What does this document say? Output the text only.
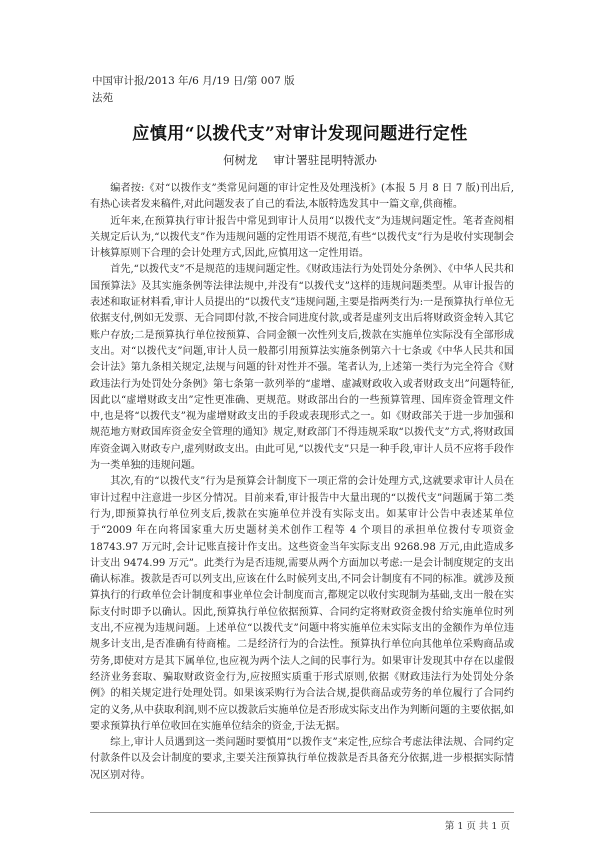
中国审计报/2013 年/6 月/19 日/第 007 版
法苑
应慎用“以拨代支”对审计发现问题进行定性
何树龙 审计署驻昆明特派办

编者按:《对“以拨作支”类常见问题的审计定性及处理浅析》(本报 5 月 8 日 7 版)刊出后,有热心读者发来稿件,对此问题发表了自己的看法,本版特选发其中一篇文章,供商榷。

近年来,在预算执行审计报告中常见到审计人员用“以拨代支”为违规问题定性。笔者查阅相关规定后认为,“以拨代支”作为违规问题的定性用语不规范,有些“以拨代支”行为是收付实现制会计核算原则下合理的会计处理方式,因此,应慎用这一定性用语。

首先,“以拨代支”不是规范的违规问题定性。《财政违法行为处罚处分条例》、《中华人民共和国预算法》及其实施条例等法律法规中,并没有“以拨代支”这样的违规问题类型。从审计报告的表述和取证材料看,审计人员提出的“以拨代支”违规问题,主要是指两类行为:一是预算执行单位无依据支付,例如无发票、无合同即付款,不按合同进度付款,或者是虚列支出后将财政资金转入其它账户存放;二是预算执行单位按预算、合同金额一次性列支后,拨款在实施单位实际没有全部形成支出。对“以拨代支”问题,审计人员一般都引用预算法实施条例第六十七条或《中华人民共和国会计法》第九条相关规定,法规与问题的针对性并不强。笔者认为,上述第一类行为完全符合《财政违法行为处罚处分条例》第七条第一款列举的“虚增、虚减财政收入或者财政支出”问题特征,因此以“虚增财政支出”定性更准确、更规范。财政部出台的一些预算管理、国库资金管理文件中,也是将“以拨代支”视为虚增财政支出的手段或表现形式之一。如《财政部关于进一步加强和规范地方财政国库资金安全管理的通知》规定,财政部门不得违规采取“以拨代支”方式,将财政国库资金调入财政专户,虚列财政支出。由此可见,“以拨代支”只是一种手段,审计人员不应将手段作为一类单独的违规问题。

其次,有的“以拨代支”行为是预算会计制度下一项正常的会计处理方式,这就要求审计人员在审计过程中注意进一步区分情况。目前来看,审计报告中大量出现的“以拨代支”问题属于第二类行为,即预算执行单位列支后,拨款在实施单位并没有实际支出。如某审计公告中表述某单位于“2009 年在向将国家重大历史题材美术创作工程等 4 个项目的承担单位拨付专项资金 18743.97 万元时,会计记账直接计作支出。这些资金当年实际支出 9268.98 万元,由此造成多计支出 9474.99 万元”。此类行为是否违规,需要从两个方面加以考虑:一是会计制度规定的支出确认标准。拨款是否可以列支出,应该在什么时候列支出,不同会计制度有不同的标准。就涉及预算执行的行政单位会计制度和事业单位会计制度而言,都规定以收付实现制为基础,支出一般在实际支付时即予以确认。因此,预算执行单位依据预算、合同约定将财政资金拨付给实施单位时列支出,不应视为违规问题。上述单位“以拨代支”问题中将实施单位未实际支出的金额作为单位违规多计支出,是否准确有待商榷。二是经济行为的合法性。预算执行单位向其他单位采购商品或劳务,即使对方是其下属单位,也应视为两个法人之间的民事行为。如果审计发现其中存在以虚假经济业务套取、骗取财政资金行为,应按照实质重于形式原则,依据《财政违法行为处罚处分条例》的相关规定进行处理处罚。如果该采购行为合法合规,提供商品或劳务的单位履行了合同约定的义务,从中获取利润,则不应以拨款后实施单位是否形成实际支出作为判断问题的主要依据,如要求预算执行单位收回在实施单位结余的资金,于法无据。

综上,审计人员遇到这一类问题时要慎用“以拨作支”来定性,应综合考虑法律法规、合同约定付款条件以及会计制度的要求,主要关注预算执行单位拨款是否具备充分依据,进一步根据实际情况区别对待。

第 1 页 共 1 页
